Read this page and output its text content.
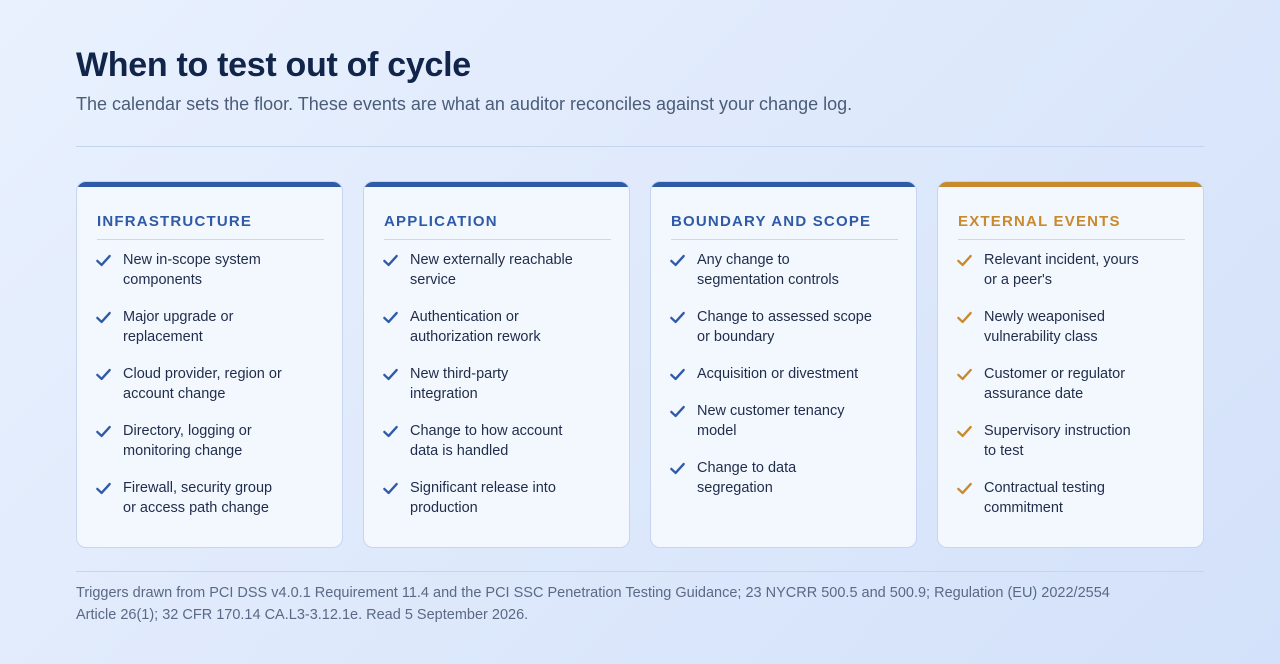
When to test out of cycle

The calendar sets the floor. These events are what an auditor reconciles against your change log.

INFRASTRUCTURE
New in-scope system
components
Major upgrade or
replacement
Cloud provider, region or
account change
Directory, logging or
monitoring change
Firewall, security group
or access path change
APPLICATION
New externally reachable
service
Authentication or
authorization rework
New third-party
integration
Change to how account
data is handled
Significant release into
production
BOUNDARY AND SCOPE
Any change to
segmentation controls
Change to assessed scope
or boundary
Acquisition or divestment
New customer tenancy
model
Change to data
segregation
EXTERNAL EVENTS
Relevant incident, yours
or a peer's
Newly weaponised
vulnerability class
Customer or regulator
assurance date
Supervisory instruction
to test
Contractual testing
commitment

Triggers drawn from PCI DSS v4.0.1 Requirement 11.4 and the PCI SSC Penetration Testing Guidance; 23 NYCRR 500.5 and 500.9; Regulation (EU) 2022/2554 Article 26(1); 32 CFR 170.14 CA.L3-3.12.1e. Read 5 September 2026.
